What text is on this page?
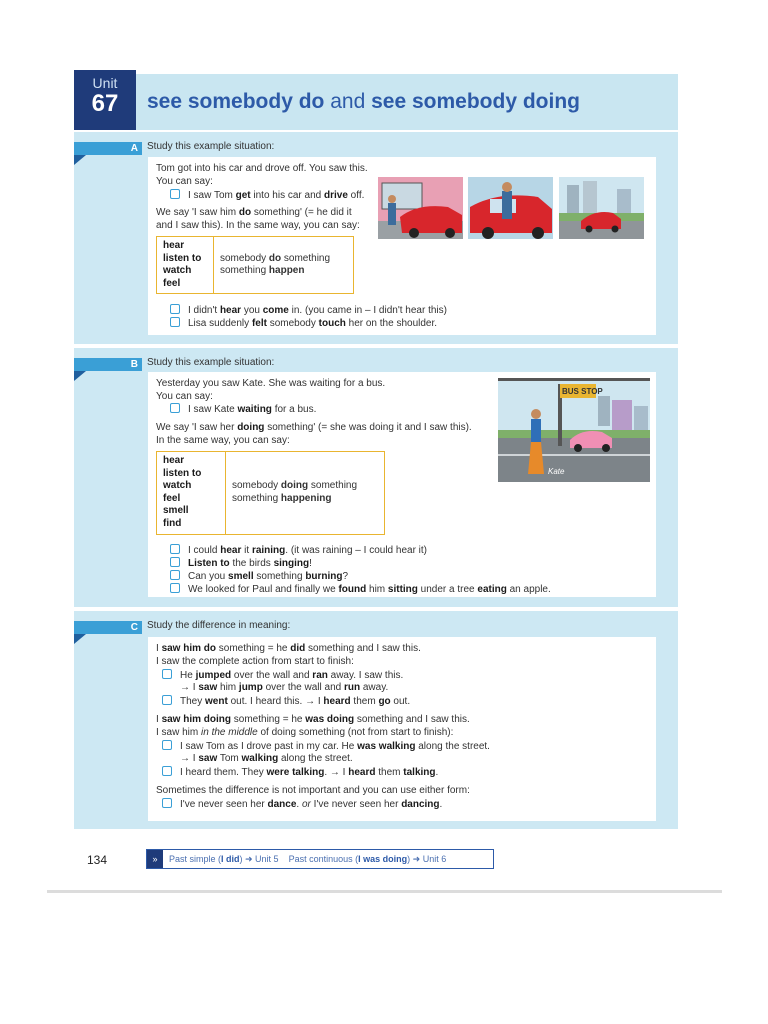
Unit
67	see somebody do and see somebody doing
A Study this example situation:
Tom got into his car and drove off. You saw this.
You can say:
I saw Tom get into his car and drive off.
We say 'I saw him do something' (= he did it
and I saw this). In the same way, you can say:
hear
listen to
watch
feel

somebody do something
something happen
I didn't hear you come in. (you came in – I didn't hear this)
Lisa suddenly felt somebody touch her on the shoulder.
B Study this example situation:
Yesterday you saw Kate. She was waiting for a bus.
You can say:
I saw Kate waiting for a bus.
We say 'I saw her doing something' (= she was doing it and I saw this).
In the same way, you can say:
hear
listen to
watch
feel
smell
find

somebody doing something
something happening
I could hear it raining. (it was raining – I could hear it)
Listen to the birds singing!
Can you smell something burning?
We looked for Paul and finally we found him sitting under a tree eating an apple.
BUS STOP
Kate
C Study the difference in meaning:
I saw him do something = he did something and I saw this.
I saw the complete action from start to finish:
He jumped over the wall and ran away. I saw this.
→ I saw him jump over the wall and run away.
They went out. I heard this. → I heard them go out.
I saw him doing something = he was doing something and I saw this.
I saw him in the middle of doing something (not from start to finish):
I saw Tom as I drove past in my car. He was walking along the street.
→ I saw Tom walking along the street.
I heard them. They were talking. → I heard them talking.
Sometimes the difference is not important and you can use either form:
I've never seen her dance. or I've never seen her dancing.
134	» Past simple (I did) ➜ Unit 5 Past continuous (I was doing) ➜ Unit 6
